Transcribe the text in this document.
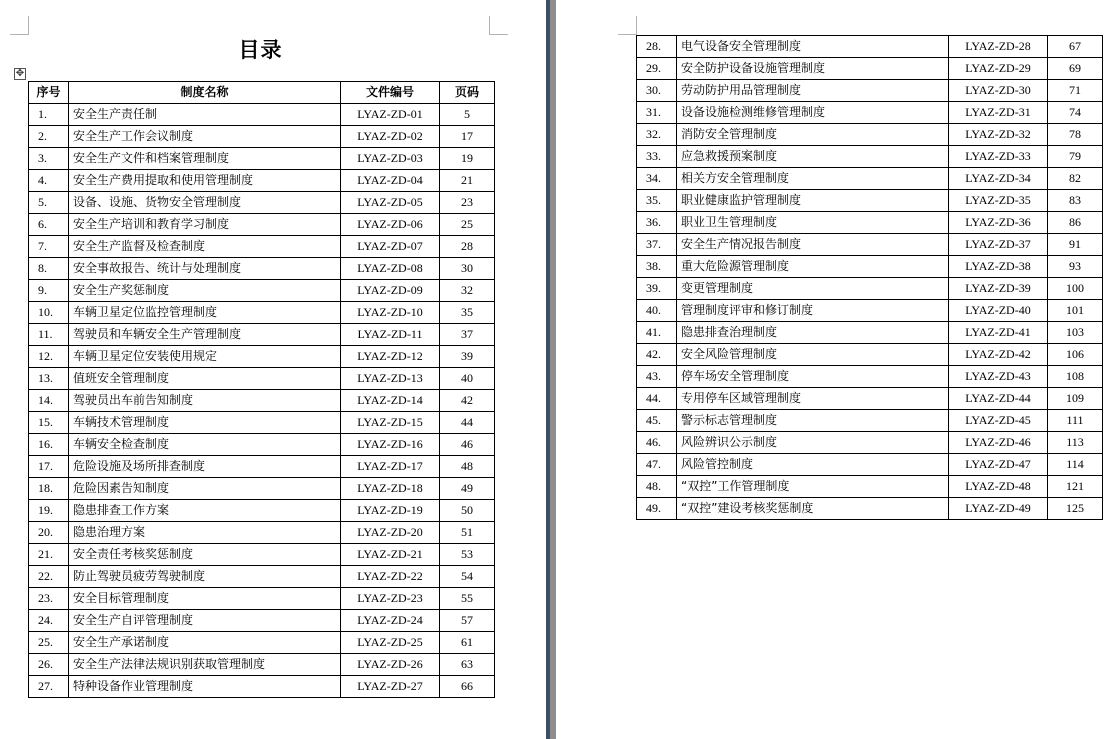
目录
✥
序号	制度名称	文件编号	页码
1.	安全生产责任制	LYAZ-ZD-01	5
2.	安全生产工作会议制度	LYAZ-ZD-02	17
3.	安全生产文件和档案管理制度	LYAZ-ZD-03	19
4.	安全生产费用提取和使用管理制度	LYAZ-ZD-04	21
5.	设备、设施、货物安全管理制度	LYAZ-ZD-05	23
6.	安全生产培训和教育学习制度	LYAZ-ZD-06	25
7.	安全生产监督及检查制度	LYAZ-ZD-07	28
8.	安全事故报告、统计与处理制度	LYAZ-ZD-08	30
9.	安全生产奖惩制度	LYAZ-ZD-09	32
10.	车辆卫星定位监控管理制度	LYAZ-ZD-10	35
11.	驾驶员和车辆安全生产管理制度	LYAZ-ZD-11	37
12.	车辆卫星定位安装使用规定	LYAZ-ZD-12	39
13.	值班安全管理制度	LYAZ-ZD-13	40
14.	驾驶员出车前告知制度	LYAZ-ZD-14	42
15.	车辆技术管理制度	LYAZ-ZD-15	44
16.	车辆安全检查制度	LYAZ-ZD-16	46
17.	危险设施及场所排查制度	LYAZ-ZD-17	48
18.	危险因素告知制度	LYAZ-ZD-18	49
19.	隐患排查工作方案	LYAZ-ZD-19	50
20.	隐患治理方案	LYAZ-ZD-20	51
21.	安全责任考核奖惩制度	LYAZ-ZD-21	53
22.	防止驾驶员疲劳驾驶制度	LYAZ-ZD-22	54
23.	安全目标管理制度	LYAZ-ZD-23	55
24.	安全生产自评管理制度	LYAZ-ZD-24	57
25.	安全生产承诺制度	LYAZ-ZD-25	61
26.	安全生产法律法规识别获取管理制度	LYAZ-ZD-26	63
27.	特种设备作业管理制度	LYAZ-ZD-27	66
28.	电气设备安全管理制度	LYAZ-ZD-28	67
29.	安全防护设备设施管理制度	LYAZ-ZD-29	69
30.	劳动防护用品管理制度	LYAZ-ZD-30	71
31.	设备设施检测维修管理制度	LYAZ-ZD-31	74
32.	消防安全管理制度	LYAZ-ZD-32	78
33.	应急救援预案制度	LYAZ-ZD-33	79
34.	相关方安全管理制度	LYAZ-ZD-34	82
35.	职业健康监护管理制度	LYAZ-ZD-35	83
36.	职业卫生管理制度	LYAZ-ZD-36	86
37.	安全生产情况报告制度	LYAZ-ZD-37	91
38.	重大危险源管理制度	LYAZ-ZD-38	93
39.	变更管理制度	LYAZ-ZD-39	100
40.	管理制度评审和修订制度	LYAZ-ZD-40	101
41.	隐患排查治理制度	LYAZ-ZD-41	103
42.	安全风险管理制度	LYAZ-ZD-42	106
43.	停车场安全管理制度	LYAZ-ZD-43	108
44.	专用停车区域管理制度	LYAZ-ZD-44	109
45.	警示标志管理制度	LYAZ-ZD-45	111
46.	风险辨识公示制度	LYAZ-ZD-46	113
47.	风险管控制度	LYAZ-ZD-47	114
48.	“双控”工作管理制度	LYAZ-ZD-48	121
49.	“双控”建设考核奖惩制度	LYAZ-ZD-49	125
